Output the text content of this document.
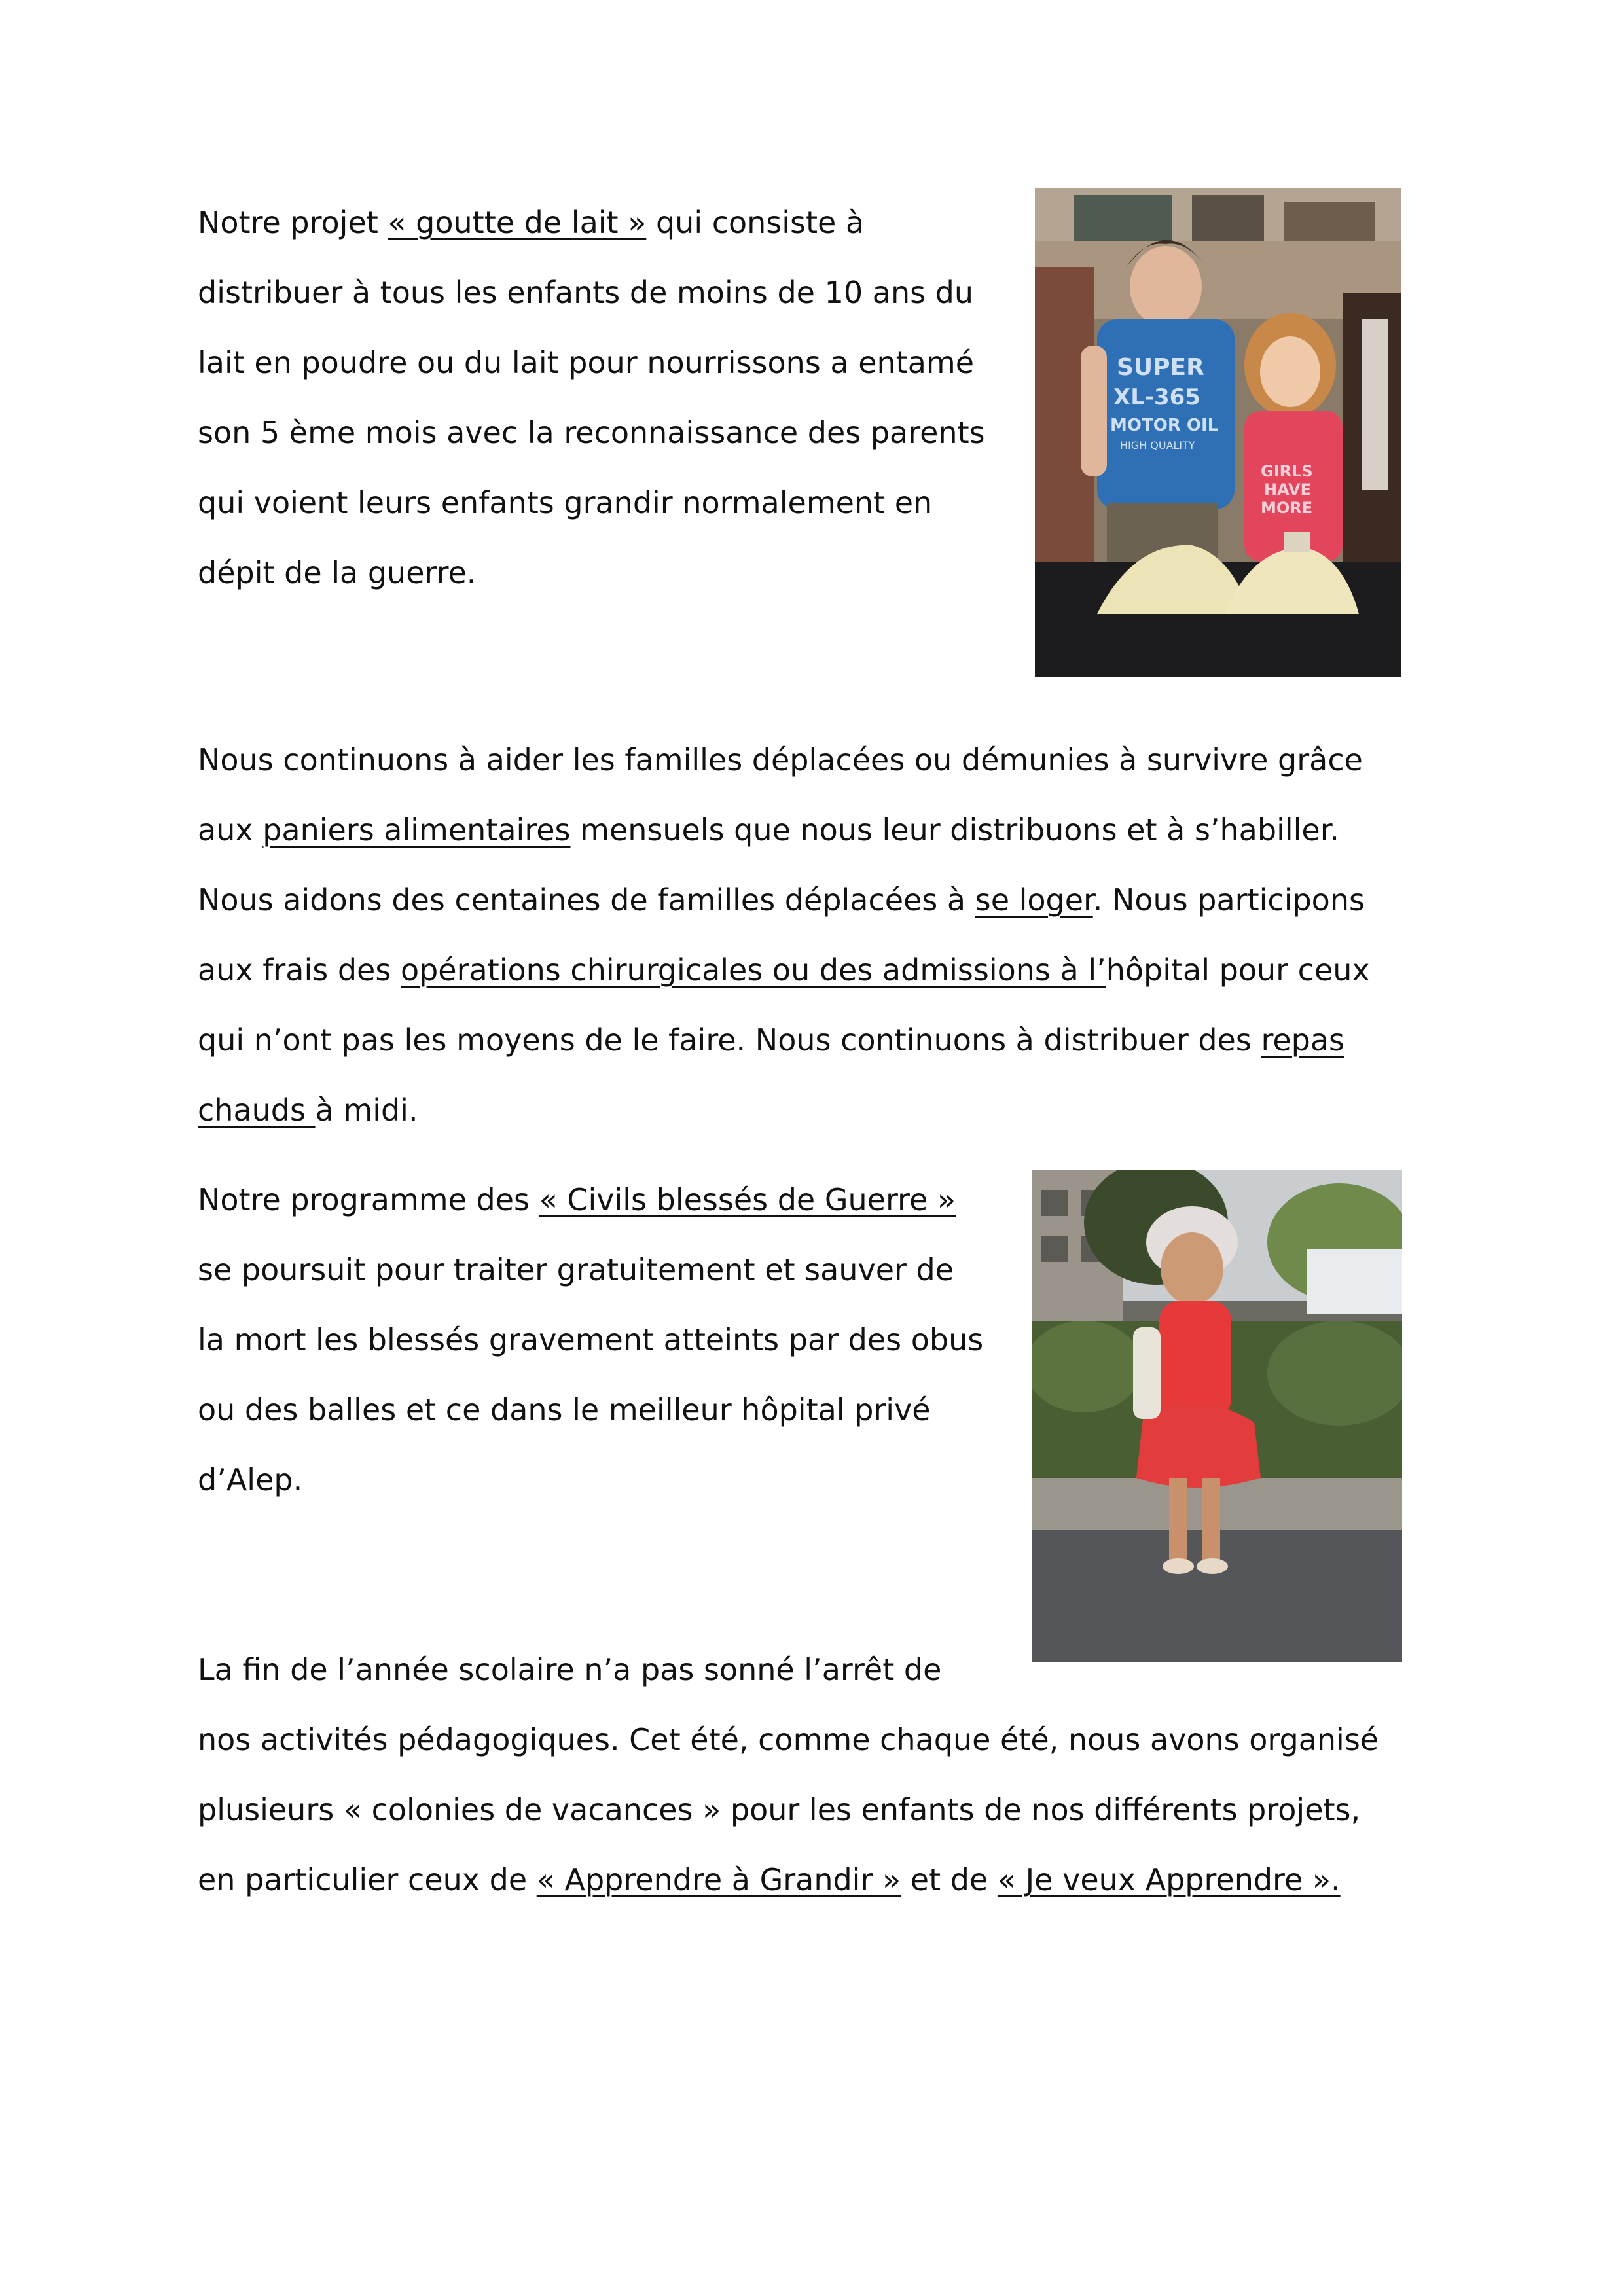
Notre projet « goutte de lait » qui consiste à
distribuer à tous les enfants de moins de 10 ans du
lait en poudre ou du lait pour nourrissons a entamé
son 5 ème mois avec la reconnaissance des parents
qui voient leurs enfants grandir normalement en
dépit de la guerre.

SUPER
XL-365
MOTOR OIL
HIGH QUALITY
GIRLS
HAVE
MORE

Nous continuons à aider les familles déplacées ou démunies à survivre grâce
aux paniers alimentaires mensuels que nous leur distribuons et à s’habiller.
Nous aidons des centaines de familles déplacées à se loger. Nous participons
aux frais des opérations chirurgicales ou des admissions à l’hôpital pour ceux
qui n’ont pas les moyens de le faire. Nous continuons à distribuer des repas
chauds à midi.

Notre programme des « Civils blessés de Guerre »
se poursuit pour traiter gratuitement et sauver de
la mort les blessés gravement atteints par des obus
ou des balles et ce dans le meilleur hôpital privé
d’Alep.

La fin de l’année scolaire n’a pas sonné l’arrêt de
nos activités pédagogiques. Cet été, comme chaque été, nous avons organisé
plusieurs « colonies de vacances » pour les enfants de nos différents projets,
en particulier ceux de « Apprendre à Grandir » et de « Je veux Apprendre ».
